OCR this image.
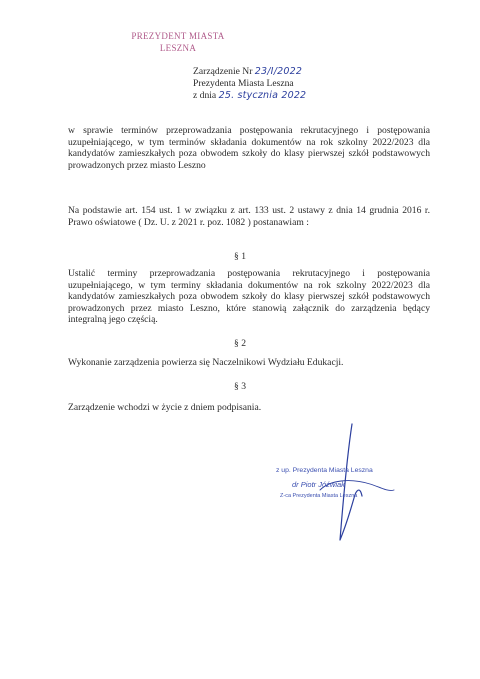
PREZYDENT MIASTA
LESZNA
Zarządzenie Nr 23/I/2022
Prezydenta Miasta Leszna
z dnia 25. stycznia 2022
w sprawie terminów przeprowadzania postępowania rekrutacyjnego i postępowania uzupełniającego, w tym terminów składania dokumentów na rok szkolny 2022/2023 dla kandydatów zamieszkałych poza obwodem szkoły do klasy pierwszej szkół podstawowych prowadzonych przez miasto Leszno
Na podstawie art. 154 ust. 1 w związku z art. 133 ust. 2 ustawy z dnia 14 grudnia 2016 r. Prawo oświatowe ( Dz. U. z 2021 r. poz. 1082 ) postanawiam :
§ 1
Ustalić terminy przeprowadzania postępowania rekrutacyjnego i postępowania uzupełniającego, w tym terminy składania dokumentów na rok szkolny 2022/2023 dla kandydatów zamieszkałych poza obwodem szkoły do klasy pierwszej szkół podstawowych prowadzonych przez miasto Leszno, które stanowią załącznik do zarządzenia będący integralną jego częścią.
§ 2
Wykonanie zarządzenia powierza się Naczelnikowi Wydziału Edukacji.
§ 3
Zarządzenie wchodzi w życie z dniem podpisania.
z up. Prezydenta Miasta Leszna
dr Piotr Jóźwiak
Z-ca Prezydenta Miasta Leszna
